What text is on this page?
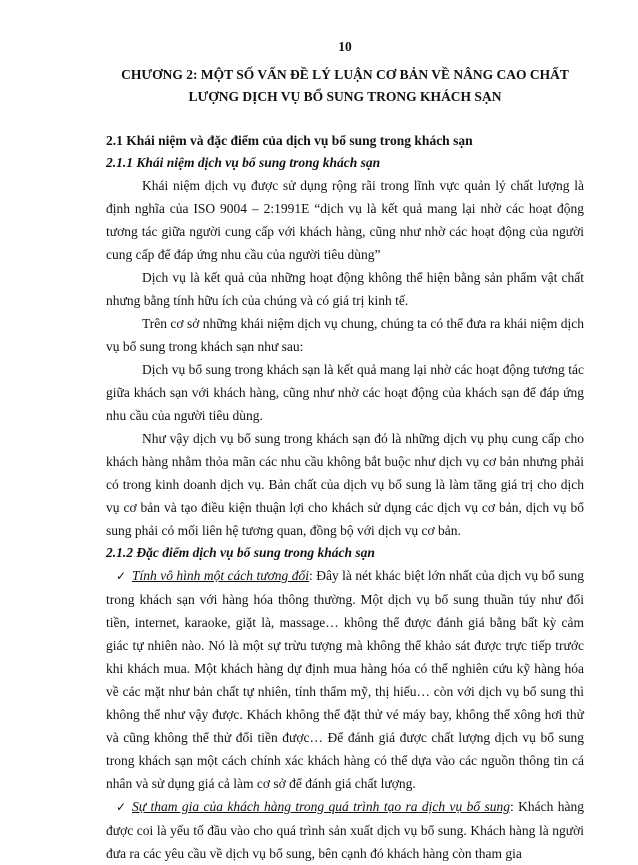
10
CHƯƠNG 2: MỘT SỐ VẤN ĐỀ LÝ LUẬN CƠ BẢN VỀ NÂNG CAO CHẤT
LƯỢNG DỊCH VỤ BỔ SUNG TRONG KHÁCH SẠN

2.1 Khái niệm và đặc điểm của dịch vụ bổ sung trong khách sạn

2.1.1 Khái niệm dịch vụ bổ sung trong khách sạn

Khái niệm dịch vụ được sử dụng rộng rãi trong lĩnh vực quản lý chất lượng là định nghĩa của ISO 9004 – 2:1991E “dịch vụ là kết quả mang lại nhờ các hoạt động tương tác giữa người cung cấp với khách hàng, cũng như nhờ các hoạt động của người cung cấp để đáp ứng nhu cầu của người tiêu dùng”

Dịch vụ là kết quả của những hoạt động không thể hiện bằng sản phẩm vật chất nhưng bằng tính hữu ích của chúng và có giá trị kinh tế.

Trên cơ sở những khái niệm dịch vụ chung, chúng ta có thể đưa ra khái niệm dịch vụ bổ sung trong khách sạn như sau:

Dịch vụ bổ sung trong khách sạn là kết quả mang lại nhờ các hoạt động tương tác giữa khách sạn với khách hàng, cũng như nhờ các hoạt động của khách sạn để đáp ứng nhu cầu của người tiêu dùng.

Như vậy dịch vụ bổ sung trong khách sạn đó là những dịch vụ phụ cung cấp cho khách hàng nhằm thỏa mãn các nhu cầu không bắt buộc như dịch vụ cơ bản nhưng phải có trong kinh doanh dịch vụ. Bản chất của dịch vụ bổ sung là làm tăng giá trị cho dịch vụ cơ bản và tạo điều kiện thuận lợi cho khách sử dụng các dịch vụ cơ bản, dịch vụ bổ sung phải có mối liên hệ tương quan, đồng bộ với dịch vụ cơ bản.

2.1.2 Đặc điểm dịch vụ bổ sung trong khách sạn

✓ Tính vô hình một cách tương đối: Đây là nét khác biệt lớn nhất của dịch vụ bổ sung trong khách sạn với hàng hóa thông thường. Một dịch vụ bổ sung thuần túy như đổi tiền, internet, karaoke, giặt là, massage… không thể được đánh giá bằng bất kỳ cảm giác tự nhiên nào. Nó là một sự trừu tượng mà không thể khảo sát được trực tiếp trước khi khách mua. Một khách hàng dự định mua hàng hóa có thể nghiên cứu kỹ hàng hóa về các mặt như bản chất tự nhiên, tính thẩm mỹ, thị hiếu… còn với dịch vụ bổ sung thì không thể như vậy được. Khách không thể đặt thử vé máy bay, không thể xông hơi thử và cũng không thể thử đổi tiền được… Để đánh giá được chất lượng dịch vụ bổ sung trong khách sạn một cách chính xác khách hàng có thể dựa vào các nguồn thông tin cá nhân và sử dụng giá cả làm cơ sở để đánh giá chất lượng.

✓ Sự tham gia của khách hàng trong quá trình tạo ra dịch vụ bổ sung: Khách hàng được coi là yếu tố đầu vào cho quá trình sản xuất dịch vụ bổ sung. Khách hàng là người đưa ra các yêu cầu về dịch vụ bổ sung, bên cạnh đó khách hàng còn tham gia
